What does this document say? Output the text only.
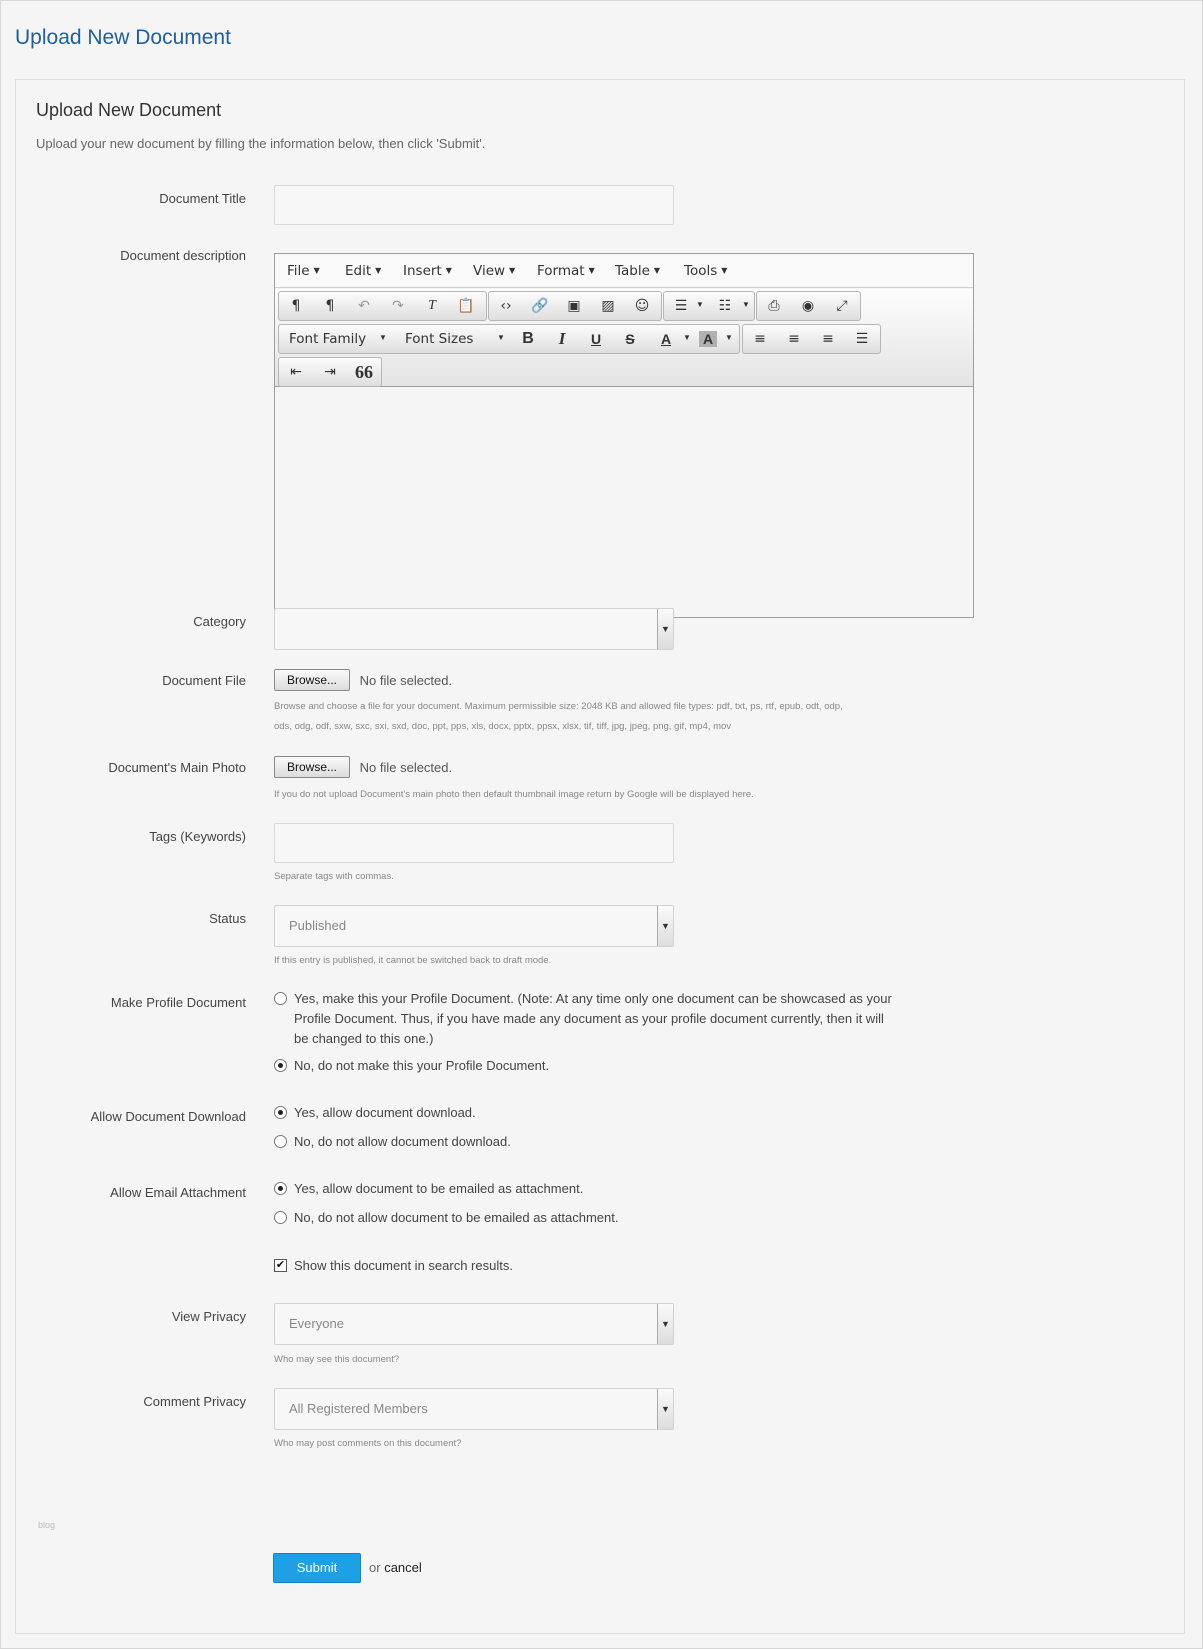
Upload New Document
Upload New Document
Upload your new document by filling the information below, then click 'Submit'.
Document Title
Document description
File ▼ Edit ▼ Insert ▼ View ▼ Format ▼ Table ▼ Tools ▼
¶	¶	↶	↷	T	📋	‹›	🔗	▣	▨	☺	☰	▼	☷	▼	⎙	◉	⤢
Font Family ▼ Font Sizes	▼	B	I	U	S	A	▼ A	▼	≡	≡	≡	☰
⇤	⇥	66
Category	▼
Document File	Browse... No file selected.
Browse and choose a file for your document. Maximum permissible size: 2048 KB and allowed file types: pdf, txt, ps, rtf, epub, odt, odp,
ods, odg, odf, sxw, sxc, sxi, sxd, doc, ppt, pps, xls, docx, pptx, ppsx, xlsx, tif, tiff, jpg, jpeg, png, gif, mp4, mov
Document's Main Photo	Browse... No file selected.
If you do not upload Document's main photo then default thumbnail image return by Google will be displayed here.
Tags (Keywords)
Separate tags with commas.
Status	Published	▼
If this entry is published, it cannot be switched back to draft mode.
Make Profile Document	Yes, make this your Profile Document. (Note: At any time only one document can be showcased as your Profile Document. Thus, if you have made any document as your profile document currently, then it will be changed to this one.)
No, do not make this your Profile Document.
Allow Document Download	Yes, allow document download.
No, do not allow document download.
Allow Email Attachment	Yes, allow document to be emailed as attachment.
No, do not allow document to be emailed as attachment.
✔ Show this document in search results.
View Privacy	Everyone	▼
Who may see this document?
Comment Privacy	All Registered Members	▼
Who may post comments on this document?
blog
Submit	or cancel
